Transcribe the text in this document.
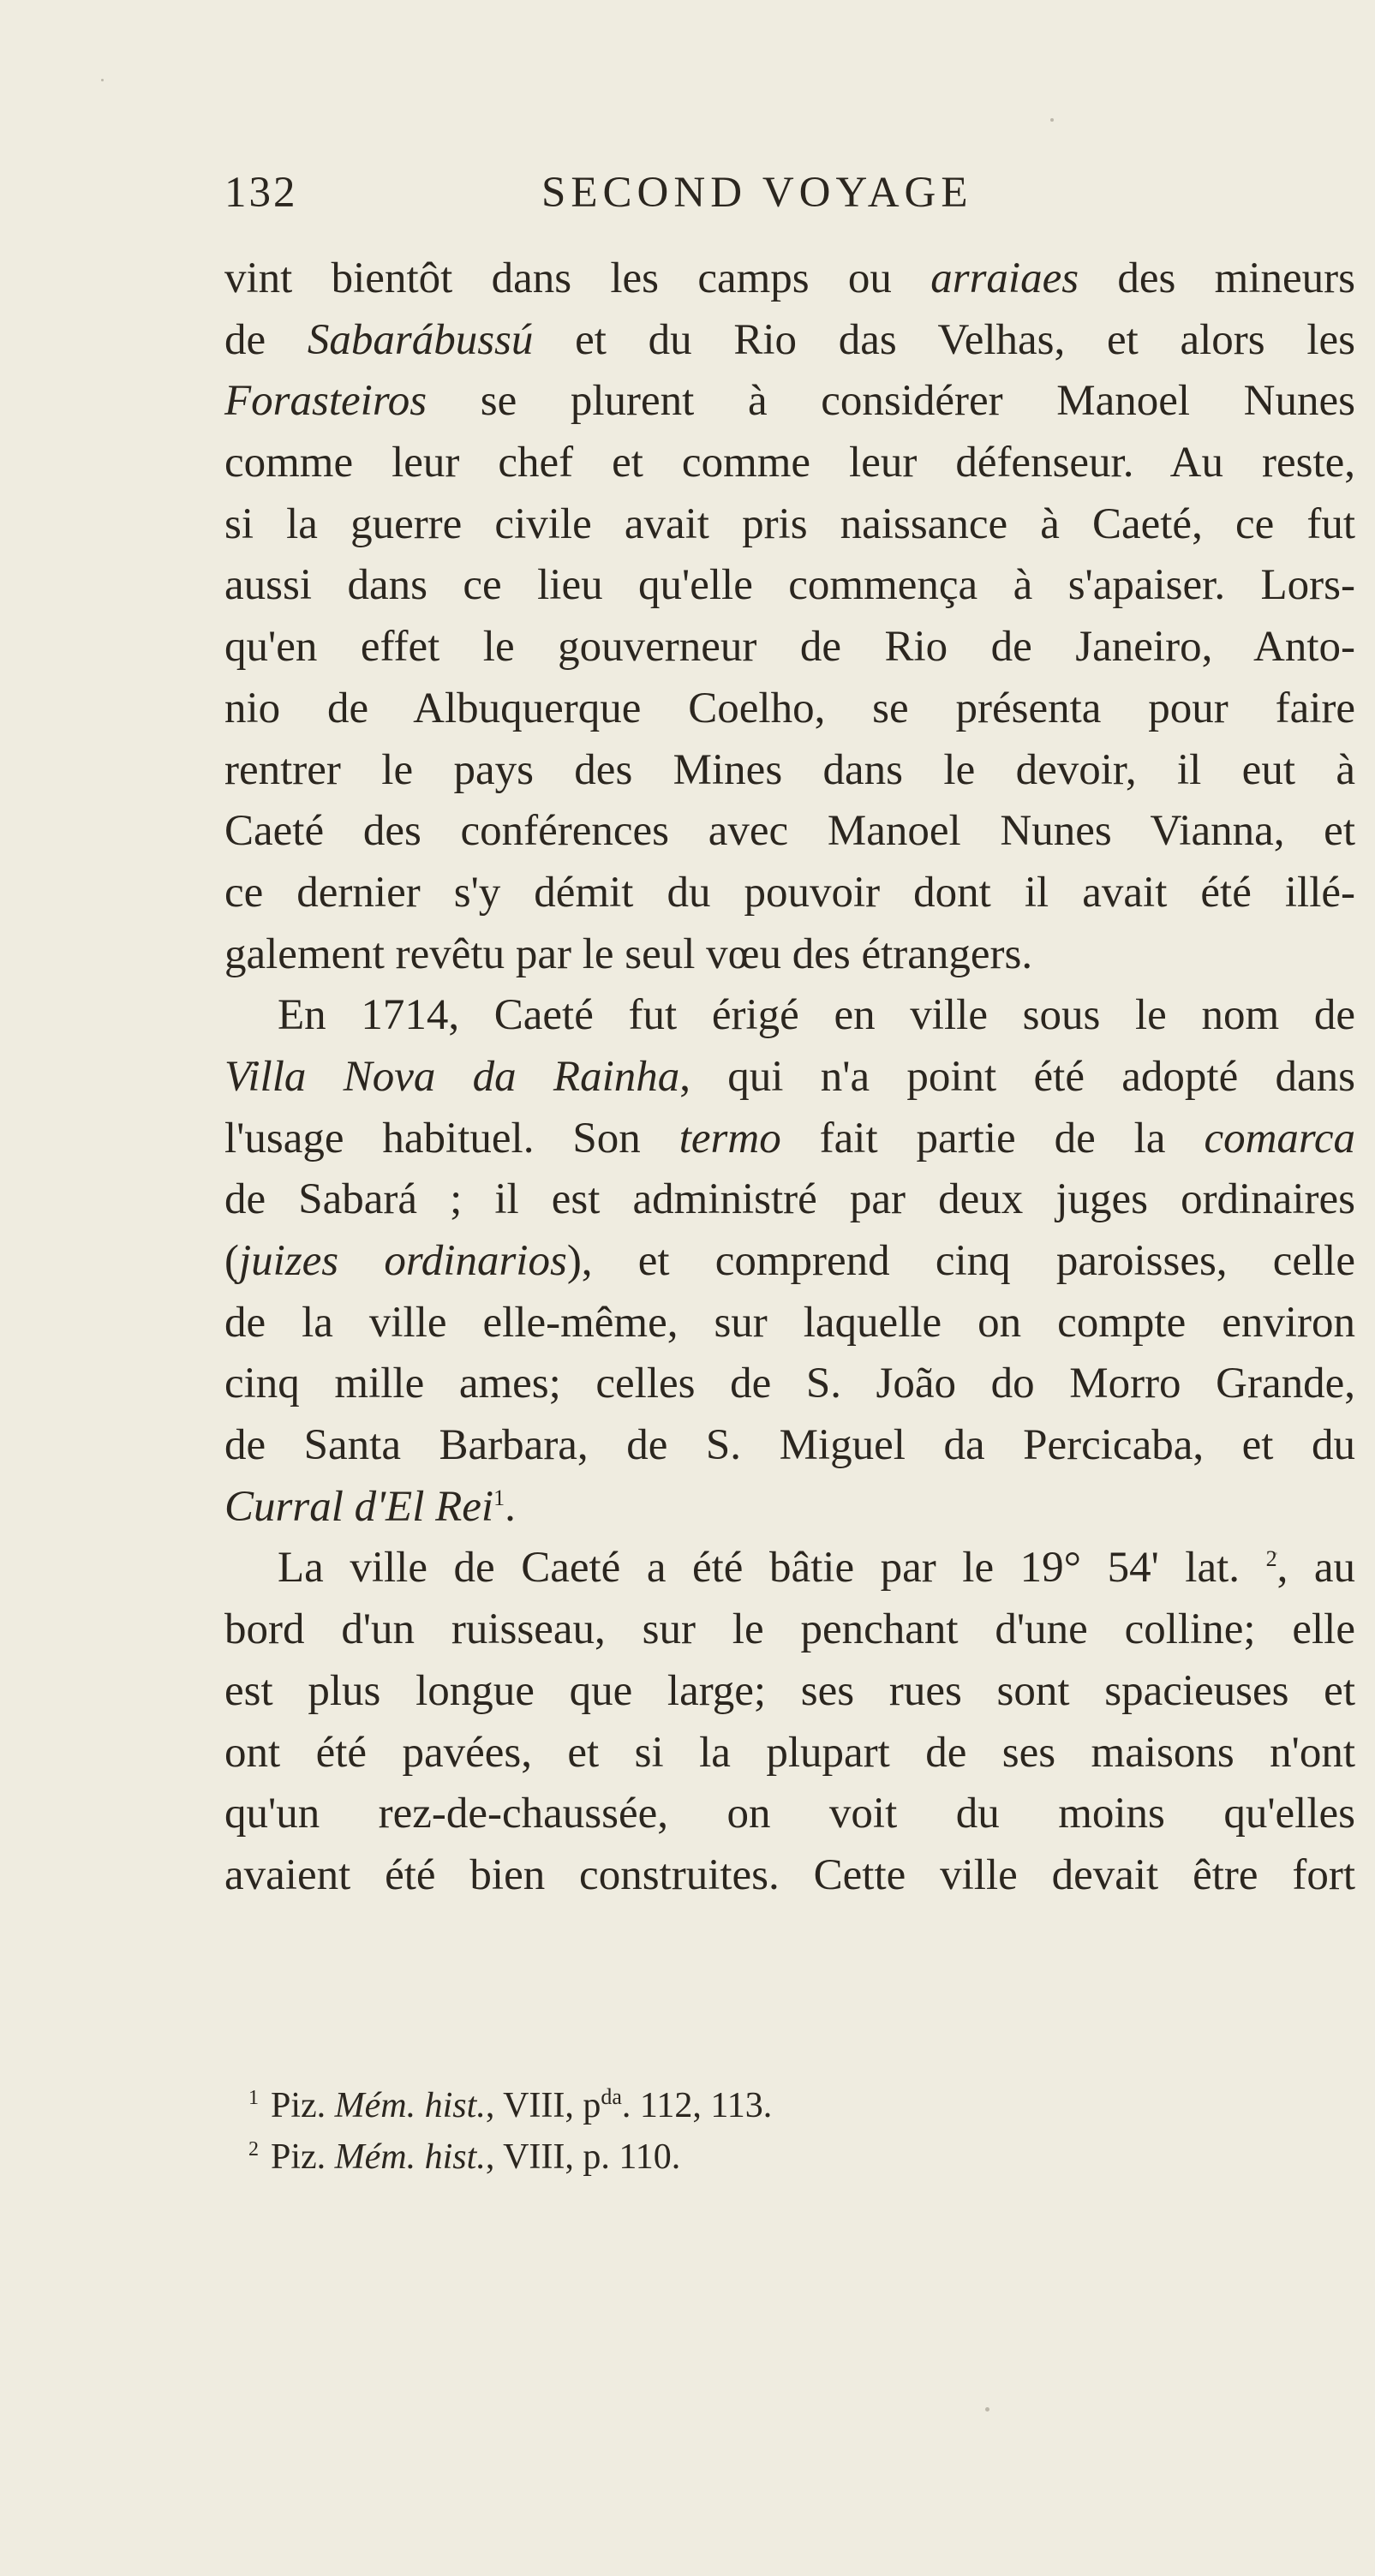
132	SECOND VOYAGE
vint bientôt dans les camps ou arraiaes des mineurs
de Sabarábussú et du Rio das Velhas, et alors les
Forasteiros se plurent à considérer Manoel Nunes
comme leur chef et comme leur défenseur. Au reste,
si la guerre civile avait pris naissance à Caeté, ce fut
aussi dans ce lieu qu'elle commença à s'apaiser. Lors-
qu'en effet le gouverneur de Rio de Janeiro, Anto-
nio de Albuquerque Coelho, se présenta pour faire
rentrer le pays des Mines dans le devoir, il eut à
Caeté des conférences avec Manoel Nunes Vianna, et
ce dernier s'y démit du pouvoir dont il avait été illé-
galement revêtu par le seul vœu des étrangers.
En 1714, Caeté fut érigé en ville sous le nom de
Villa Nova da Rainha, qui n'a point été adopté dans
l'usage habituel. Son termo fait partie de la comarca
de Sabará ; il est administré par deux juges ordinaires
(juizes ordinarios), et comprend cinq paroisses, celle
de la ville elle-même, sur laquelle on compte environ
cinq mille ames; celles de S. João do Morro Grande,
de Santa Barbara, de S. Miguel da Percicaba, et du
Curral d'El Rei$^1$.
La ville de Caeté a été bâtie par le 19° 54' lat. $^2$, au
bord d'un ruisseau, sur le penchant d'une colline; elle
est plus longue que large; ses rues sont spacieuses et
ont été pavées, et si la plupart de ses maisons n'ont
qu'un rez-de-chaussée, on voit du moins qu'elles
avaient été bien construites. Cette ville devait être fort
$^1$ Piz. Mém. hist., VIII, $p^{da}$. 112, 113.
$^2$ Piz. Mém. hist., VIII, p. 110.
